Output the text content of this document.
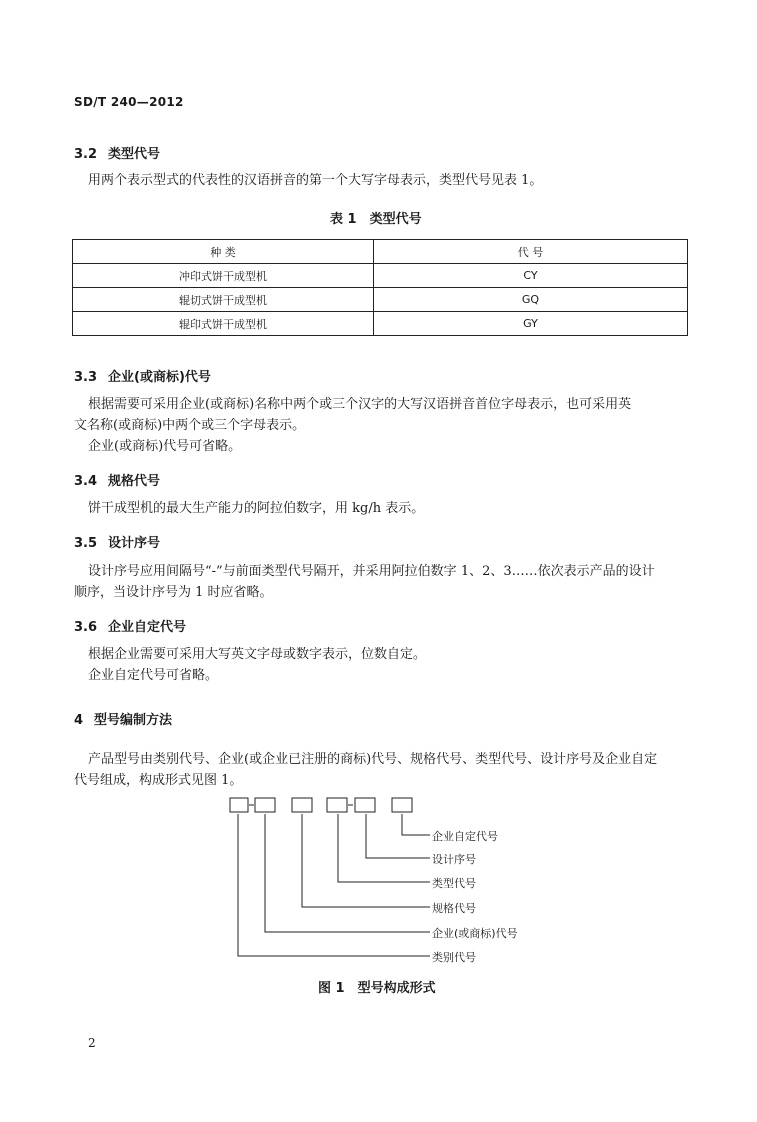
SD/T 240—2012
3.2 类型代号
用两个表示型式的代表性的汉语拼音的第一个大写字母表示，类型代号见表 1。
表 1　类型代号
种 类	代 号
冲印式饼干成型机	CY
辊切式饼干成型机	GQ
辊印式饼干成型机	GY
3.3 企业(或商标)代号
根据需要可采用企业(或商标)名称中两个或三个汉字的大写汉语拼音首位字母表示，也可采用英
文名称(或商标)中两个或三个字母表示。
企业(或商标)代号可省略。
3.4 规格代号
饼干成型机的最大生产能力的阿拉伯数字，用 kg/h 表示。
3.5 设计序号
设计序号应用间隔号“-”与前面类型代号隔开，并采用阿拉伯数字 1、2、3……依次表示产品的设计
顺序，当设计序号为 1 时应省略。
3.6 企业自定代号
根据企业需要可采用大写英文字母或数字表示，位数自定。
企业自定代号可省略。
4 型号编制方法
产品型号由类别代号、企业(或企业已注册的商标)代号、规格代号、类型代号、设计序号及企业自定
代号组成，构成形式见图 1。
企业自定代号
设计序号
类型代号
规格代号
企业(或商标)代号
类别代号
图 1　型号构成形式
2
